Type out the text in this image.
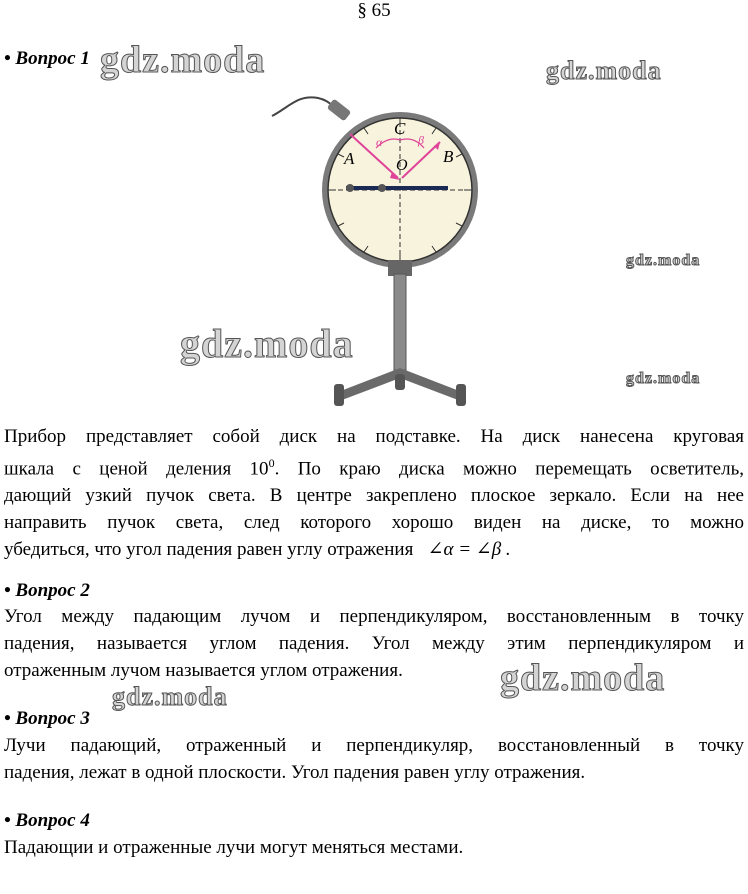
§ 65
• Вопрос 1
A	B
C
O
α	β
Прибор представляет собой диск на подставке. На диск нанесена круговая
шкала с ценой деления $10^0$. По краю диска можно перемещать осветитель,
дающий узкий пучок света. В центре закреплено плоское зеркало. Если на нее
направить пучок света, след которого хорошо виден на диске, то можно
убедиться, что угол падения равен углу отражения ∠α = ∠β .
• Вопрос 2
Угол между падающим лучом и перпендикуляром, восстановленным в точку
падения, называется углом падения. Угол между этим перпендикуляром и
отраженным лучом называется углом отражения.
• Вопрос 3
Лучи падающий, отраженный и перпендикуляр, восстановленный в точку
падения, лежат в одной плоскости. Угол падения равен углу отражения.
• Вопрос 4
Падающии и отраженные лучи могут меняться местами.
gdz.moda	gdz.moda
gdz.moda
gdz.moda
gdz.moda
gdz.moda
gdz.moda
